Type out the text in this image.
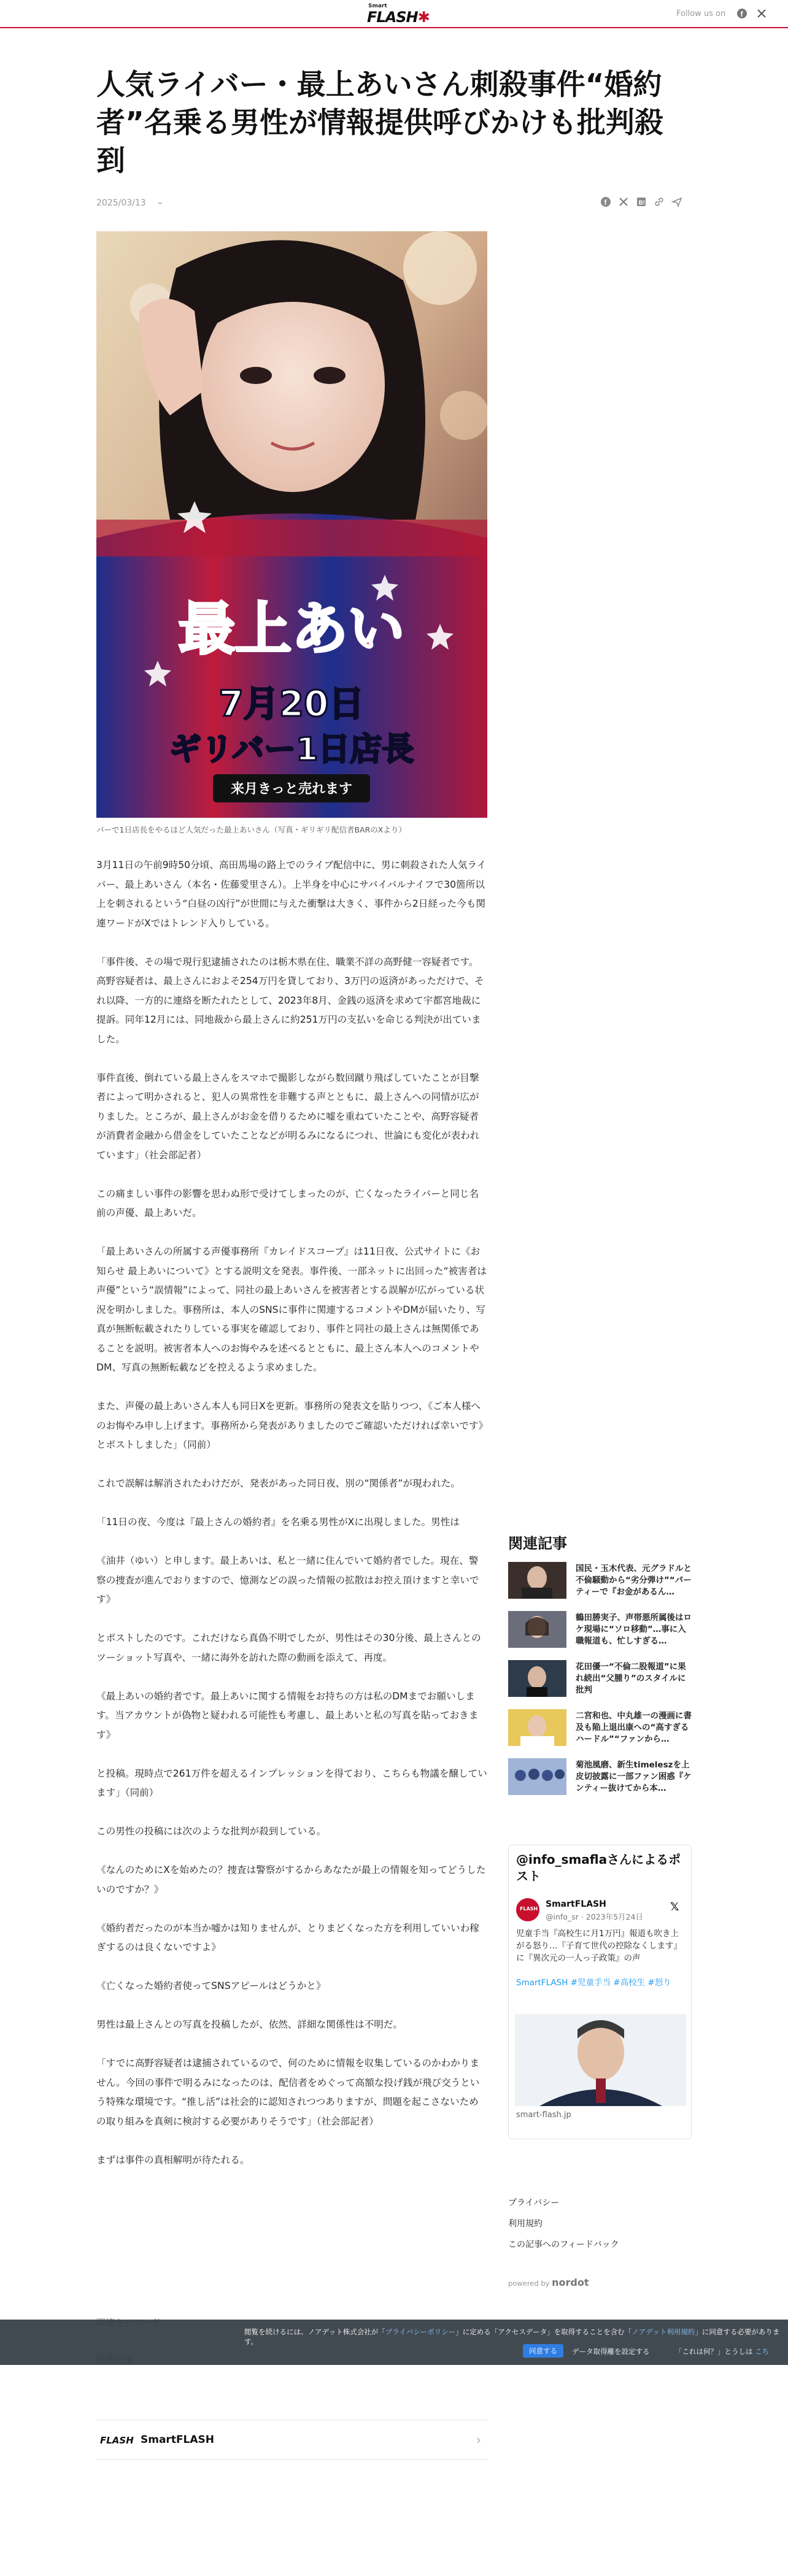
Smart
FLASH✱	Follow us on f
人気ライバー・最上あいさん刺殺事件“婚約者”名乗る男性が情報提供呼びかけも批判殺到
2025/03/13 ⌄	f	B!
最上あい
7月20日
ギリバー1日店長
来月きっと売れます
バーで1日店長をやるほど人気だった最上あいさん（写真・ギリギリ配信者BARのXより）

3月11日の午前9時50分頃、高田馬場の路上でのライブ配信中に、男に刺殺された人気ライバー、最上あいさん（本名・佐藤愛里さん）。上半身を中心にサバイバルナイフで30箇所以上を刺されるという“白昼の凶行”が世間に与えた衝撃は大きく、事件から2日経った今も関連ワードがXではトレンド入りしている。

「事件後、その場で現行犯逮捕されたのは栃木県在住、職業不詳の高野健一容疑者です。高野容疑者は、最上さんにおよそ254万円を貸しており、3万円の返済があっただけで、それ以降、一方的に連絡を断たれたとして、2023年8月、金銭の返済を求めて宇都宮地裁に提訴。同年12月には、同地裁から最上さんに約251万円の支払いを命じる判決が出ていました。

事件直後、倒れている最上さんをスマホで撮影しながら数回蹴り飛ばしていたことが目撃者によって明かされると、犯人の異常性を非難する声とともに、最上さんへの同情が広がりました。ところが、最上さんがお金を借りるために嘘を重ねていたことや、高野容疑者が消費者金融から借金をしていたことなどが明るみになるにつれ、世論にも変化が表われています」（社会部記者）

この痛ましい事件の影響を思わぬ形で受けてしまったのが、亡くなったライバーと同じ名前の声優、最上あいだ。

「最上あいさんの所属する声優事務所『カレイドスコープ』は11日夜、公式サイトに《お知らせ 最上あいについて》とする説明文を発表。事件後、一部ネットに出回った“被害者は声優”という“誤情報”によって、同社の最上あいさんを被害者とする誤解が広がっている状況を明かしました。事務所は、本人のSNSに事件に関連するコメントやDMが届いたり、写真が無断転載されたりしている事実を確認しており、事件と同社の最上さんは無関係であることを説明。被害者本人へのお悔やみを述べるとともに、最上さん本人へのコメントやDM、写真の無断転載などを控えるよう求めました。

また、声優の最上あいさん本人も同日Xを更新。事務所の発表文を貼りつつ、《ご本人様へのお悔やみ申し上げます。事務所から発表がありましたのでご確認いただければ幸いです》とポストしました」（同前）

これで誤解は解消されたわけだが、発表があった同日夜、別の“関係者”が現われた。

「11日の夜、今度は『最上さんの婚約者』を名乗る男性がXに出現しました。男性は

《油井（ゆい）と申します。最上あいは、私と一緒に住んでいて婚約者でした。現在、警察の捜査が進んでおりますので、憶測などの誤った情報の拡散はお控え頂けますと幸いです》

とポストしたのです。これだけなら真偽不明でしたが、男性はその30分後、最上さんとのツーショット写真や、一緒に海外を訪れた際の動画を添えて、再度。

《最上あいの婚約者です。最上あいに関する情報をお持ちの方は私のDMまでお願いします。当アカウントが偽物と疑われる可能性も考慮し、最上あいと私の写真を貼っておきます》

と投稿。現時点で261万件を超えるインプレッションを得ており、こちらも物議を醸しています」（同前）

この男性の投稿には次のような批判が殺到している。

《なんのためにXを始めたの？捜査は警察がするからあなたが最上の情報を知ってどうしたいのですか？》

《婚約者だったのが本当か嘘かは知りませんが、とりまどくなった方を利用していいわ稼ぎするのは良くないですよ》

《亡くなった婚約者使ってSNSアピールはどうかと》

男性は最上さんとの写真を投稿したが、依然、詳細な関係性は不明だ。

「すでに高野容疑者は逮捕されているので、何のために情報を収集しているのかわかりません。今回の事件で明るみになったのは、配信者をめぐって高額な投げ銭が飛び交うという特殊な環境です。“推し活”は社会的に認知されつつありますが、問題を起こさないための取り組みを真剣に検討する必要がありそうです」（社会部記者）

まずは事件の真相解明が待たれる。

FLASH SmartFLASH	›
関連記事
国民・玉木代表、元グラドルと不倫騒動から“劣分弾け”“パーティーで『お金があるん…
鶴田勝実子、声帯悪所属後はロケ現場に“ソロ移動”…事に入職報道も、忙しすぎる…
花田優一“不倫二股報道”に果れ続出“父腫り”のスタイルに批判
二宮和也、中丸雄一の漫画に書及も陥上退出康への“高すぎるハードル”“ファンから…
菊池風磨、新生timeleszを上皮切披露に一部ファン困惑『ケンティー抜けてから本…
@info_smaflaさんによるポスト
FLASH SmartFLASH
@info_sr · 2023年5月24日
𝕏
児童手当『高校生に月1万円』報道も吹き上がる怒り…『子育て世代の控除なくします』に『異次元の一人っ子政策』の声

SmartFLASH #児童手当 #高校生 #怒り
smart-flash.jp
プライバシー
利用規約
この記事へのフィードバック
powered by nordot
閲覧を続けるには、ノアデット株式会社が「プライバシーポリシー」に定める「アクセスデータ」を取得することを含む「ノアデット利用規約」に同意する必要があります。
同意する	データ取得離を設定する	「これは何？」とうしは こち
